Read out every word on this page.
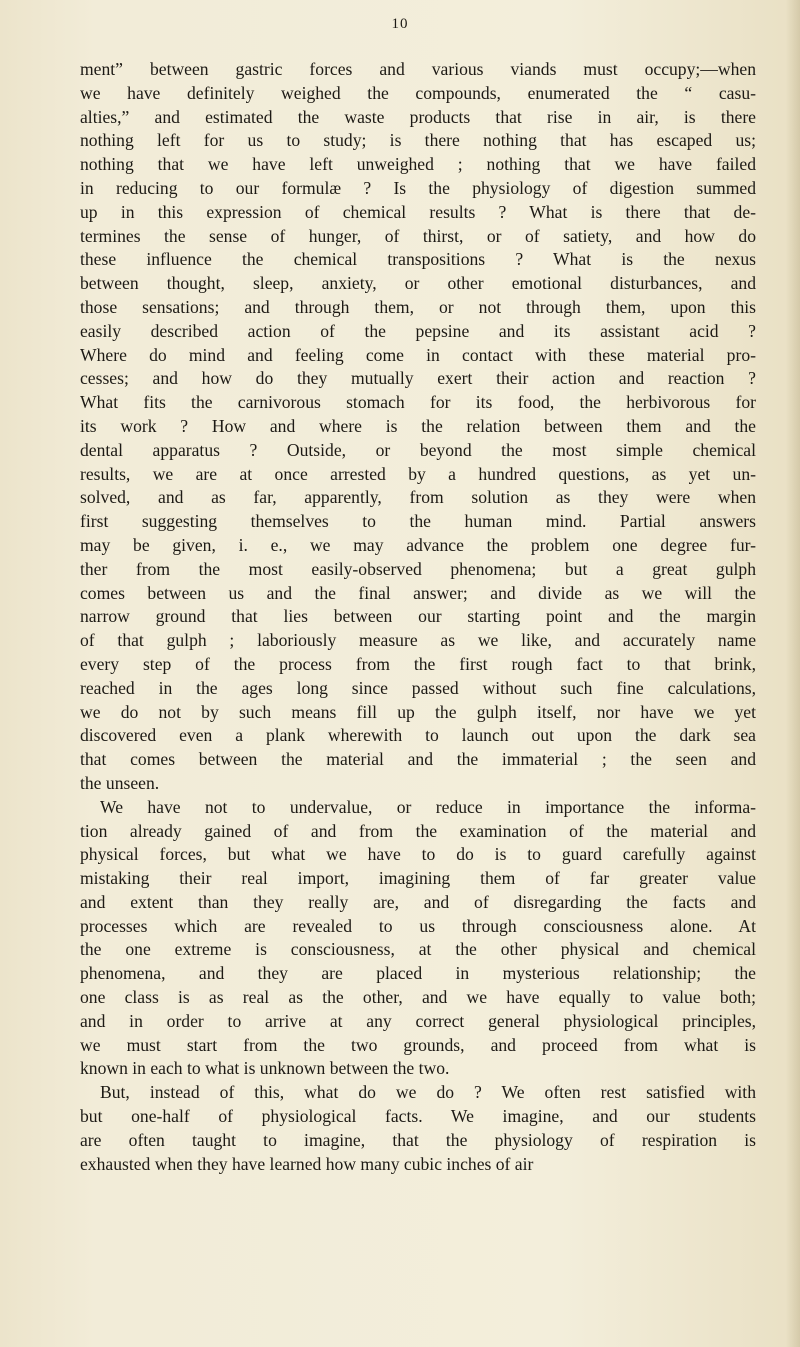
10
ment” between gastric forces and various viands must occupy;—when
we have definitely weighed the compounds, enumerated the “ casu-
alties,” and estimated the waste products that rise in air, is there
nothing left for us to study; is there nothing that has escaped us;
nothing that we have left unweighed ; nothing that we have failed
in reducing to our formulæ ? Is the physiology of digestion summed
up in this expression of chemical results ? What is there that de-
termines the sense of hunger, of thirst, or of satiety, and how do
these influence the chemical transpositions ? What is the nexus
between thought, sleep, anxiety, or other emotional disturbances, and
those sensations; and through them, or not through them, upon this
easily described action of the pepsine and its assistant acid ?
Where do mind and feeling come in contact with these material pro-
cesses; and how do they mutually exert their action and reaction ?
What fits the carnivorous stomach for its food, the herbivorous for
its work ? How and where is the relation between them and the
dental apparatus ? Outside, or beyond the most simple chemical
results, we are at once arrested by a hundred questions, as yet un-
solved, and as far, apparently, from solution as they were when
first suggesting themselves to the human mind. Partial answers
may be given, i. e., we may advance the problem one degree fur-
ther from the most easily-observed phenomena; but a great gulph
comes between us and the final answer; and divide as we will the
narrow ground that lies between our starting point and the margin
of that gulph ; laboriously measure as we like, and accurately name
every step of the process from the first rough fact to that brink,
reached in the ages long since passed without such fine calculations,
we do not by such means fill up the gulph itself, nor have we yet
discovered even a plank wherewith to launch out upon the dark sea
that comes between the material and the immaterial ; the seen and
the unseen.
We have not to undervalue, or reduce in importance the informa-
tion already gained of and from the examination of the material and
physical forces, but what we have to do is to guard carefully against
mistaking their real import, imagining them of far greater value
and extent than they really are, and of disregarding the facts and
processes which are revealed to us through consciousness alone. At
the one extreme is consciousness, at the other physical and chemical
phenomena, and they are placed in mysterious relationship; the
one class is as real as the other, and we have equally to value both;
and in order to arrive at any correct general physiological principles,
we must start from the two grounds, and proceed from what is
known in each to what is unknown between the two.
But, instead of this, what do we do ? We often rest satisfied with
but one-half of physiological facts. We imagine, and our students
are often taught to imagine, that the physiology of respiration is
exhausted when they have learned how many cubic inches of air
